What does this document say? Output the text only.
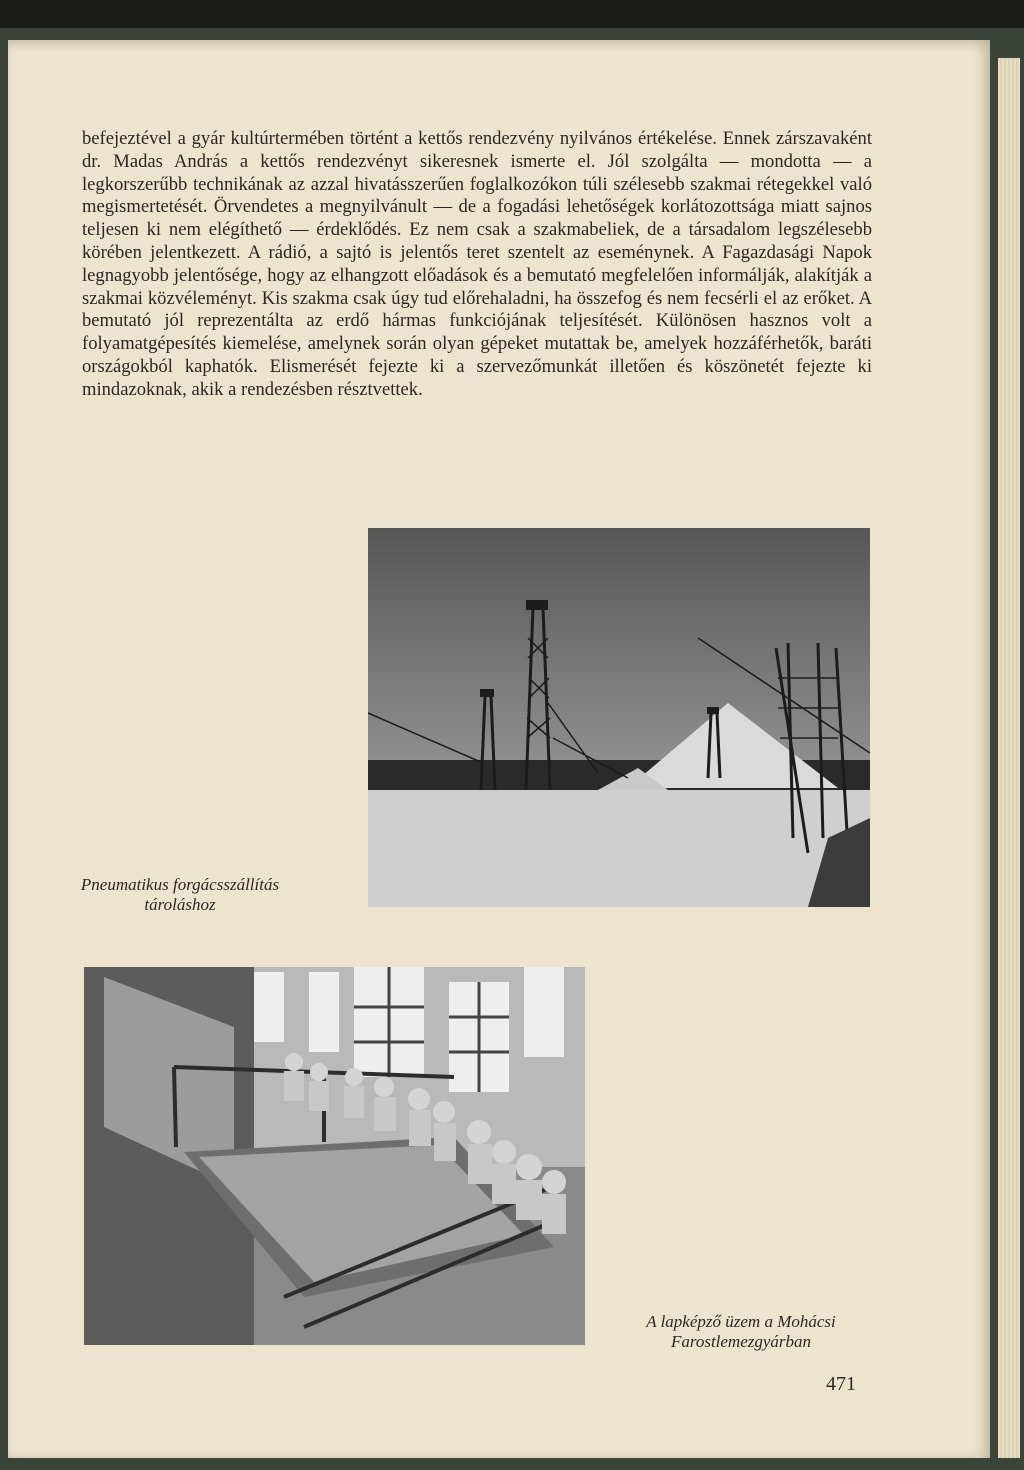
befejeztével a gyár kultúrtermében történt a kettős rendezvény nyilvános értékelése. Ennek zárszavaként dr. Madas András a kettős rendezvényt sikeresnek ismerte el. Jól szolgálta — mondotta — a legkorszerűbb technikának az azzal hivatásszerűen foglalkozókon túli szélesebb szakmai rétegekkel való megismertetését. Örvendetes a megnyilvánult — de a fogadási lehetőségek korlátozottsága miatt sajnos teljesen ki nem elégíthető — érdeklődés. Ez nem csak a szakmabeliek, de a társadalom legszélesebb körében jelentkezett. A rádió, a sajtó is jelentős teret szentelt az eseménynek. A Fagazdasági Napok legnagyobb jelentősége, hogy az elhangzott előadások és a bemutató megfelelően informálják, alakítják a szakmai közvéleményt. Kis szakma csak úgy tud előrehaladni, ha összefog és nem fecsérli el az erőket. A bemutató jól reprezentálta az erdő hármas funkciójának teljesítését. Különösen hasznos volt a folyamatgépesítés kiemelése, amelynek során olyan gépeket mutattak be, amelyek hozzáférhetők, baráti országokból kaphatók. Elismerését fejezte ki a szervezőmunkát illetően és köszönetét fejezte ki mindazoknak, akik a rendezésben résztvettek.

Pneumatikus forgácsszállítás tároláshoz

A lapképző üzem a Mohácsi Farostlemezgyárban

471
